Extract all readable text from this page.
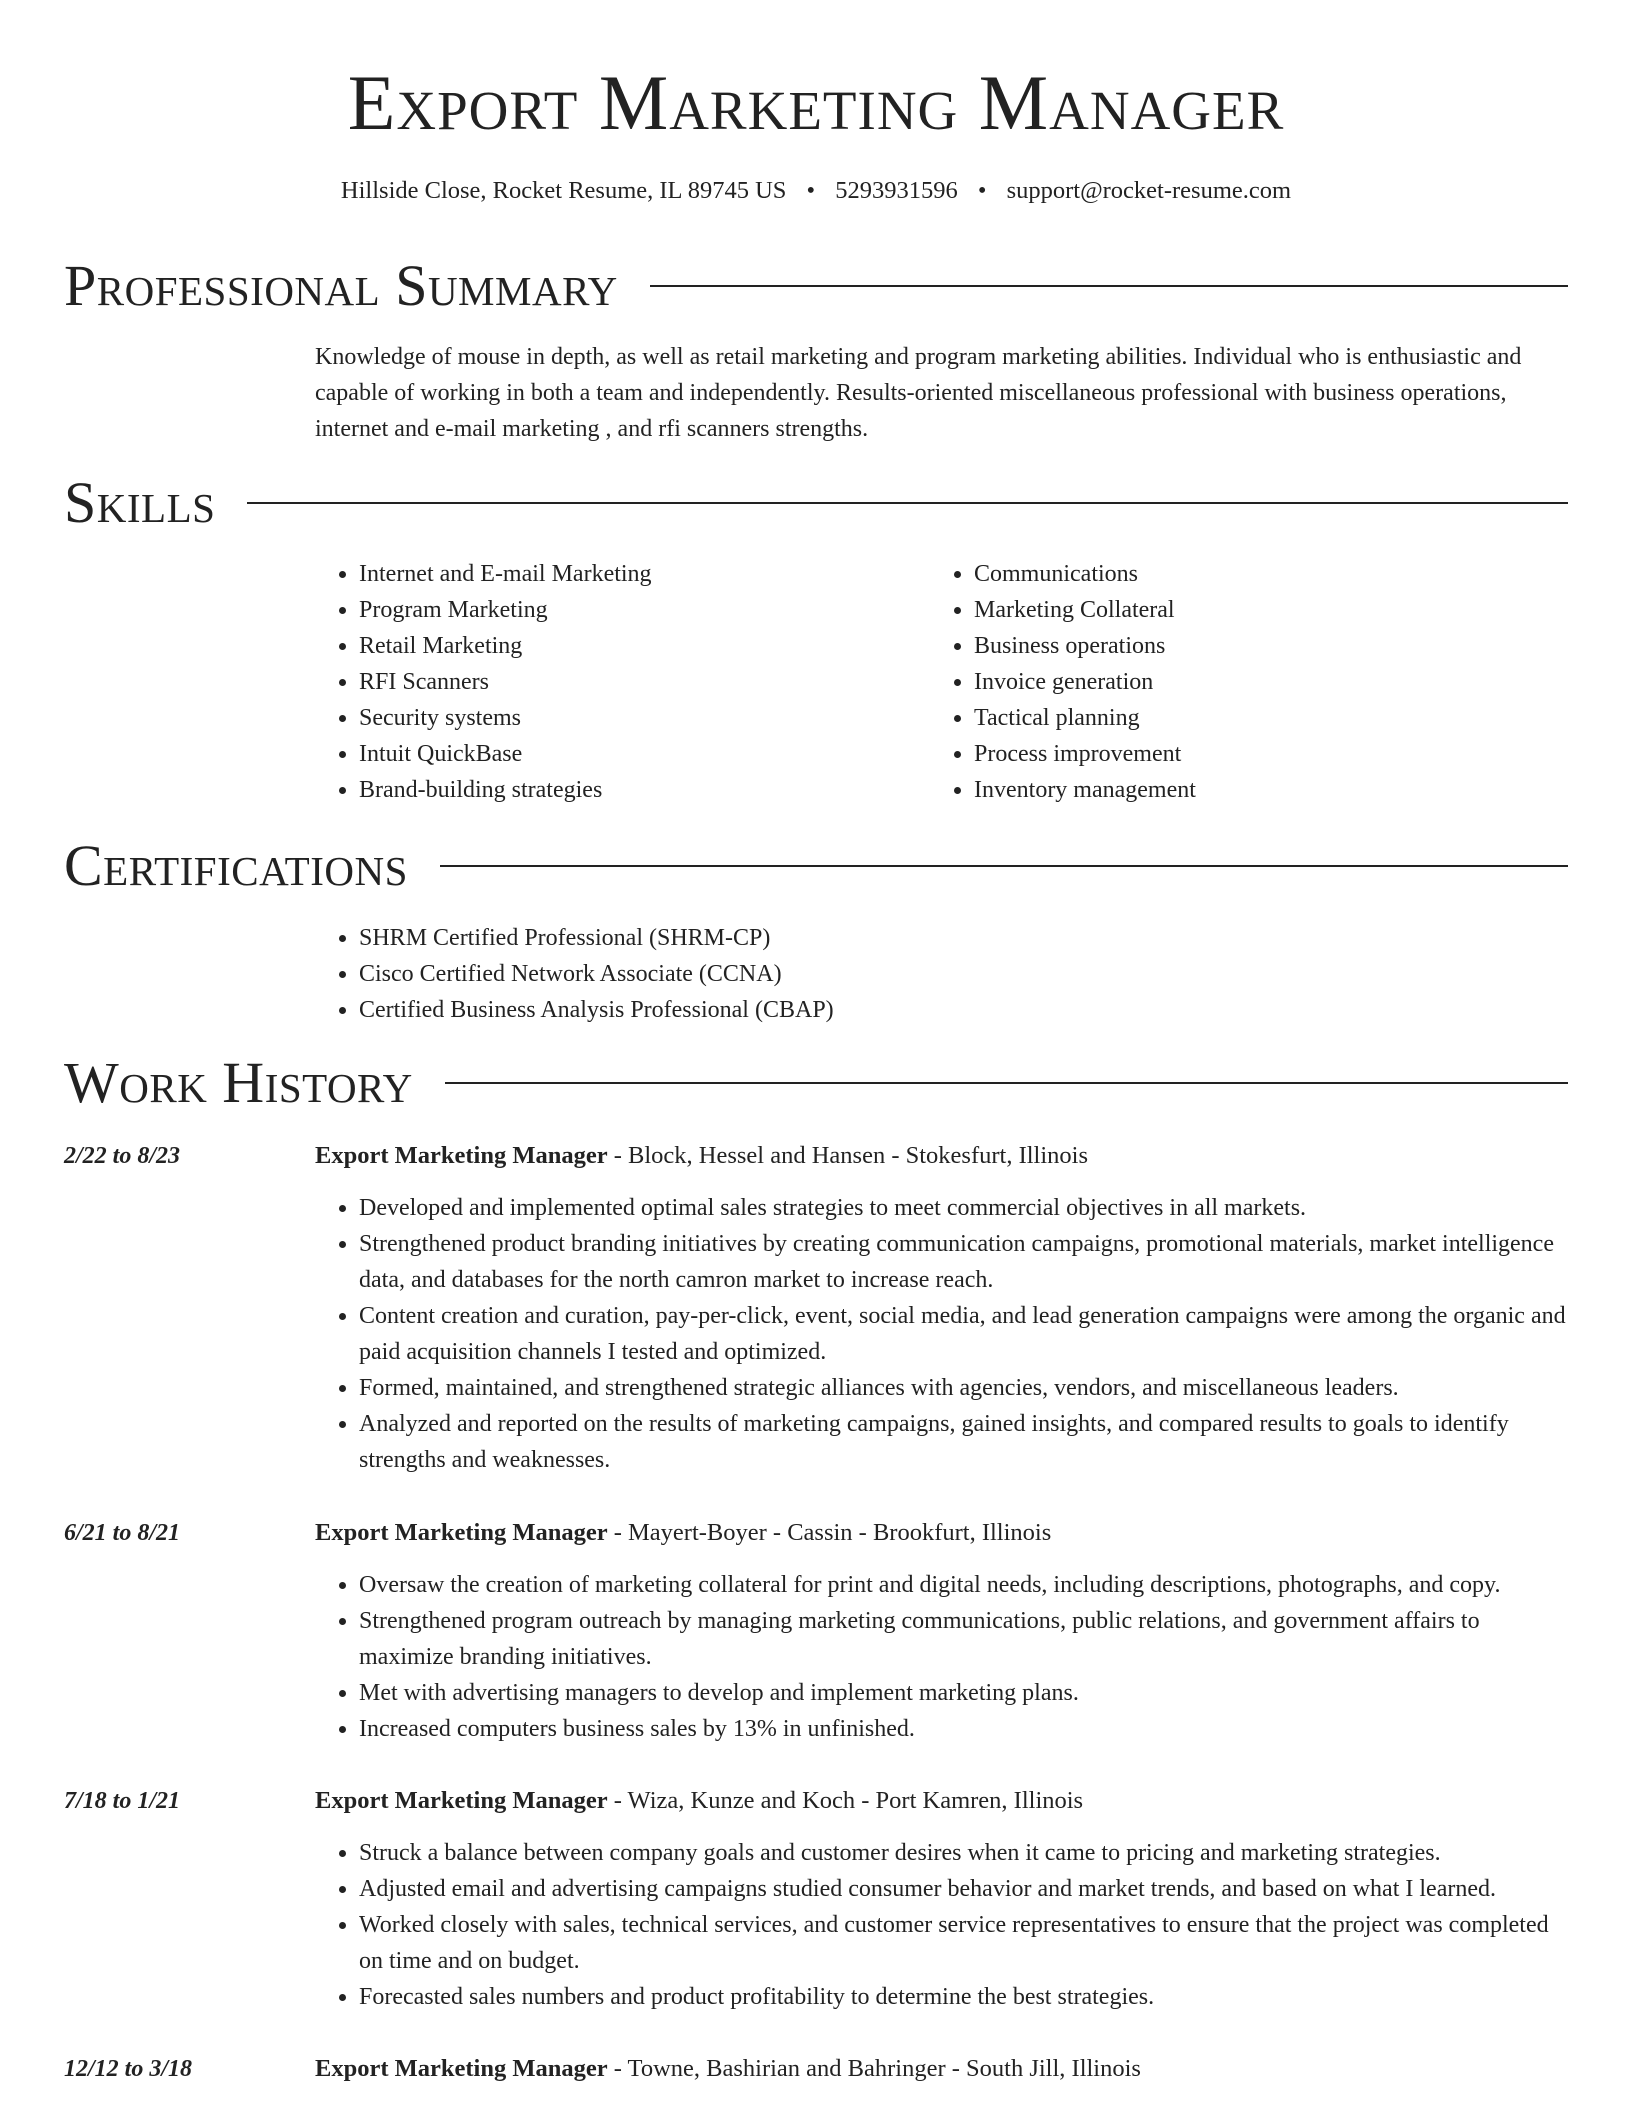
Export Marketing Manager
Hillside Close, Rocket Resume, IL 89745 US • 5293931596 • support@rocket-resume.com
Professional Summary

Knowledge of mouse in depth, as well as retail marketing and program marketing abilities. Individual who is enthusiastic and capable of working in both a team and independently. Results-oriented miscellaneous professional with business operations, internet and e-mail marketing , and rfi scanners strengths.

Skills
• Internet and E-mail Marketing
• Program Marketing
• Retail Marketing
• RFI Scanners
• Security systems
• Intuit QuickBase
• Brand-building strategies
• Communications
• Marketing Collateral
• Business operations
• Invoice generation
• Tactical planning
• Process improvement
• Inventory management
Certifications
• SHRM Certified Professional (SHRM-CP)
• Cisco Certified Network Associate (CCNA)
• Certified Business Analysis Professional (CBAP)
Work History
2/22 to 8/23	Export Marketing Manager - Block, Hessel and Hansen - Stokesfurt, Illinois
• Developed and implemented optimal sales strategies to meet commercial objectives in all markets.
• Strengthened product branding initiatives by creating communication campaigns, promotional materials, market intelligence data, and databases for the north camron market to increase reach.
• Content creation and curation, pay-per-click, event, social media, and lead generation campaigns were among the organic and paid acquisition channels I tested and optimized.
• Formed, maintained, and strengthened strategic alliances with agencies, vendors, and miscellaneous leaders.
• Analyzed and reported on the results of marketing campaigns, gained insights, and compared results to goals to identify strengths and weaknesses.
6/21 to 8/21	Export Marketing Manager - Mayert-Boyer - Cassin - Brookfurt, Illinois
• Oversaw the creation of marketing collateral for print and digital needs, including descriptions, photographs, and copy.
• Strengthened program outreach by managing marketing communications, public relations, and government affairs to maximize branding initiatives.
• Met with advertising managers to develop and implement marketing plans.
• Increased computers business sales by 13% in unfinished.
7/18 to 1/21	Export Marketing Manager - Wiza, Kunze and Koch - Port Kamren, Illinois
• Struck a balance between company goals and customer desires when it came to pricing and marketing strategies.
• Adjusted email and advertising campaigns studied consumer behavior and market trends, and based on what I learned.
• Worked closely with sales, technical services, and customer service representatives to ensure that the project was completed on time and on budget.
• Forecasted sales numbers and product profitability to determine the best strategies.
12/12 to 3/18	Export Marketing Manager - Towne, Bashirian and Bahringer - South Jill, Illinois
